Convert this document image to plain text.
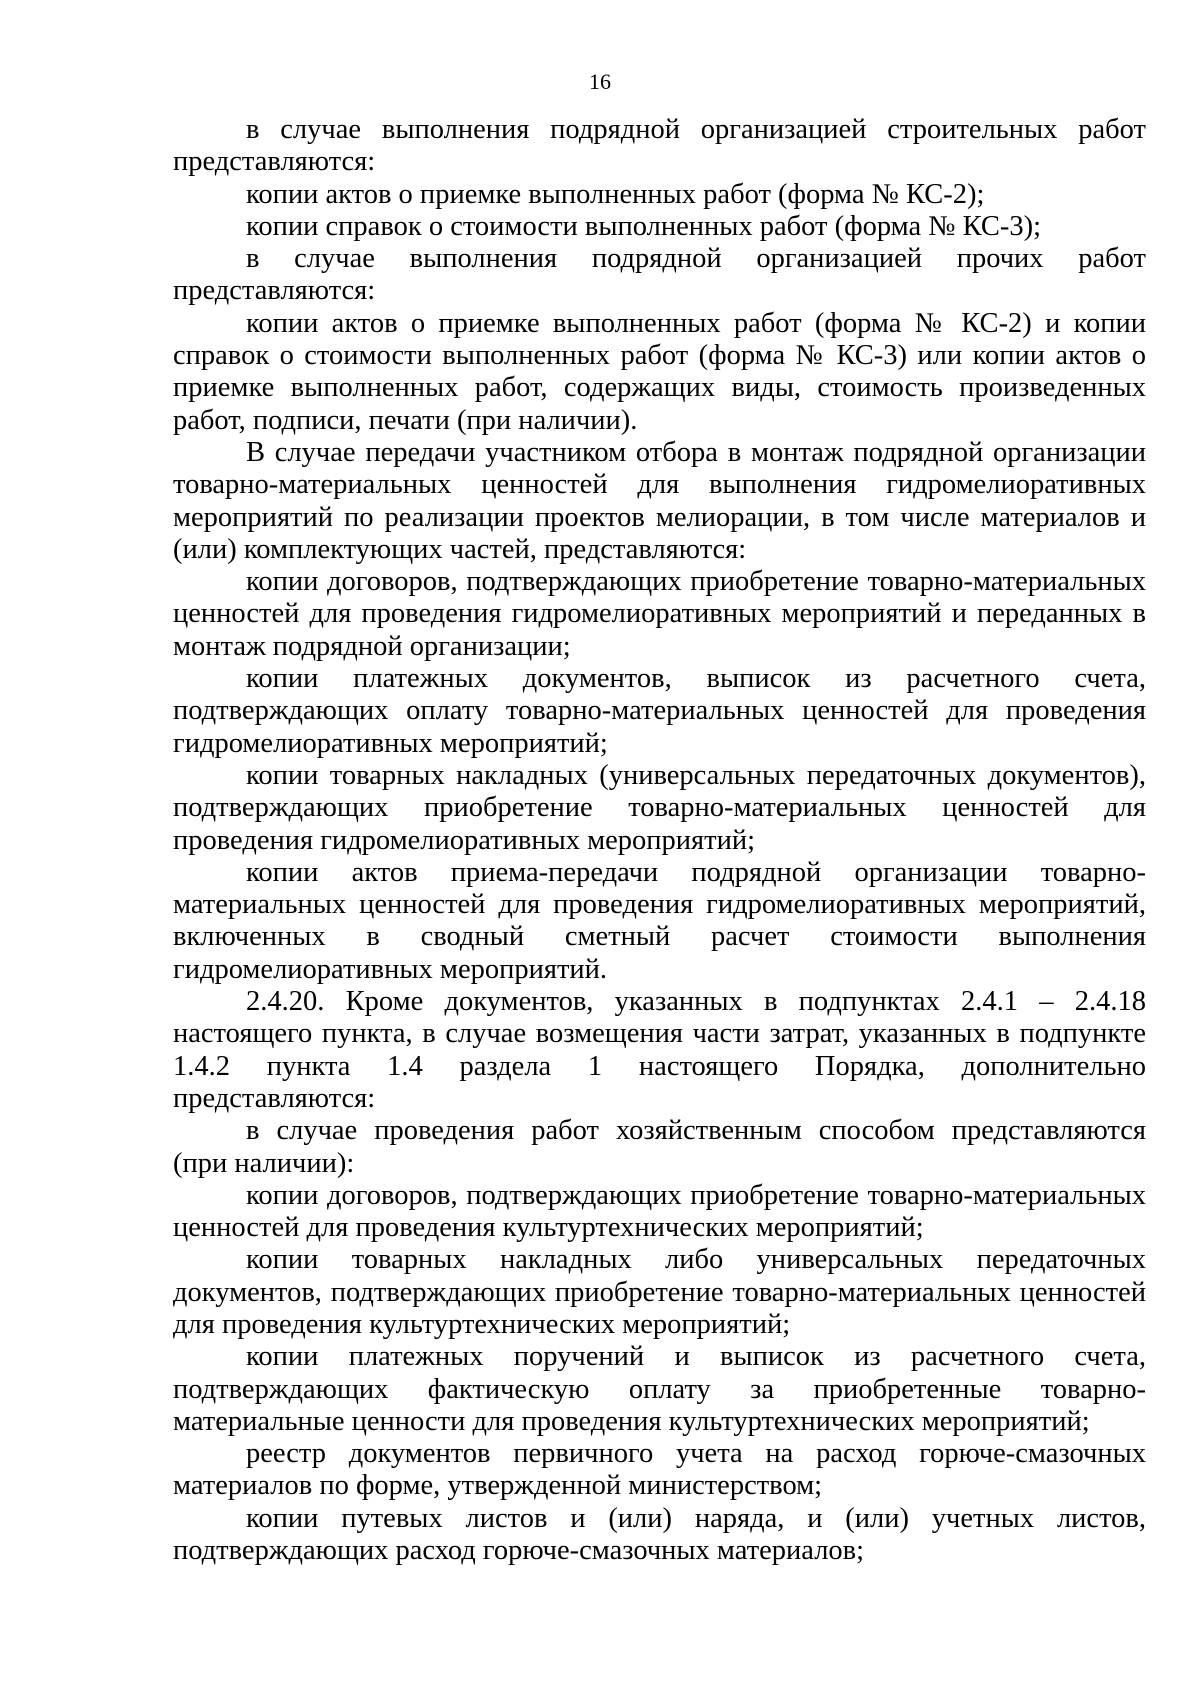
16

в случае выполнения подрядной организацией строительных работ представляются:

копии актов о приемке выполненных работ (форма № КС-2);

копии справок о стоимости выполненных работ (форма № КС-3);

в случае выполнения подрядной организацией прочих работ представляются:

копии актов о приемке выполненных работ (форма № КС-2) и копии справок о стоимости выполненных работ (форма № КС-3) или копии актов о приемке выполненных работ, содержащих виды, стоимость произведенных работ, подписи, печати (при наличии).

В случае передачи участником отбора в монтаж подрядной организации товарно-материальных ценностей для выполнения гидромелиоративных мероприятий по реализации проектов мелиорации, в том числе материалов и (или) комплектующих частей, представляются:

копии договоров, подтверждающих приобретение товарно-материальных ценностей для проведения гидромелиоративных мероприятий и переданных в монтаж подрядной организации;

копии платежных документов, выписок из расчетного счета, подтверждающих оплату товарно-материальных ценностей для проведения гидромелиоративных мероприятий;

копии товарных накладных (универсальных передаточных документов), подтверждающих приобретение товарно-материальных ценностей для проведения гидромелиоративных мероприятий;

копии актов приема-передачи подрядной организации товарно-материальных ценностей для проведения гидромелиоративных мероприятий, включенных в сводный сметный расчет стоимости выполнения гидромелиоративных мероприятий.

2.4.20. Кроме документов, указанных в подпунктах 2.4.1 – 2.4.18 настоящего пункта, в случае возмещения части затрат, указанных в подпункте 1.4.2 пункта 1.4 раздела 1 настоящего Порядка, дополнительно представляются:

в случае проведения работ хозяйственным способом представляются (при наличии):

копии договоров, подтверждающих приобретение товарно-материальных ценностей для проведения культуртехнических мероприятий;

копии товарных накладных либо универсальных передаточных документов, подтверждающих приобретение товарно-материальных ценностей для проведения культуртехнических мероприятий;

копии платежных поручений и выписок из расчетного счета, подтверждающих фактическую оплату за приобретенные товарно-материальные ценности для проведения культуртехнических мероприятий;

реестр документов первичного учета на расход горюче-смазочных материалов по форме, утвержденной министерством;

копии путевых листов и (или) наряда, и (или) учетных листов, подтверждающих расход горюче-смазочных материалов;
